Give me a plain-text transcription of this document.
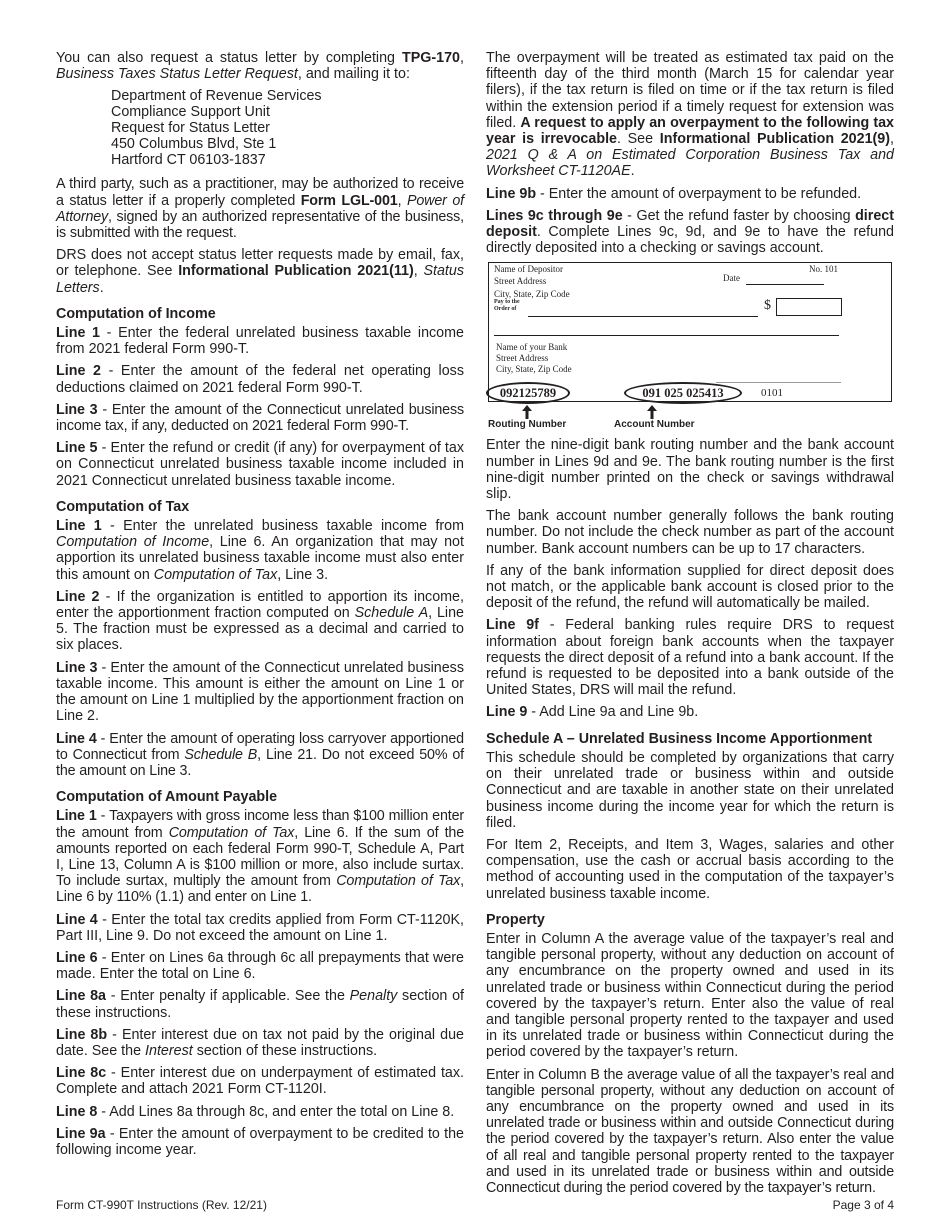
You can also request a status letter by completing TPG-170, Business Taxes Status Letter Request, and mailing it to:

Department of Revenue Services
Compliance Support Unit
Request for Status Letter
450 Columbus Blvd, Ste 1
Hartford CT 06103-1837

A third party, such as a practitioner, may be authorized to receive a status letter if a properly completed Form LGL-001, Power of Attorney, signed by an authorized representative of the business, is submitted with the request.

DRS does not accept status letter requests made by email, fax, or telephone. See Informational Publication 2021(11), Status Letters.

Computation of Income

Line 1 - Enter the federal unrelated business taxable income from 2021 federal Form 990-T.

Line 2 - Enter the amount of the federal net operating loss deductions claimed on 2021 federal Form 990-T.

Line 3 - Enter the amount of the Connecticut unrelated business income tax, if any, deducted on 2021 federal Form 990-T.

Line 5 - Enter the refund or credit (if any) for overpayment of tax on Connecticut unrelated business taxable income included in 2021 Connecticut unrelated business taxable income.

Computation of Tax

Line 1 - Enter the unrelated business taxable income from Computation of Income, Line 6. An organization that may not apportion its unrelated business taxable income must also enter this amount on Computation of Tax, Line 3.

Line 2 - If the organization is entitled to apportion its income, enter the apportionment fraction computed on Schedule A, Line 5. The fraction must be expressed as a decimal and carried to six places.

Line 3 - Enter the amount of the Connecticut unrelated business taxable income. This amount is either the amount on Line 1 or the amount on Line 1 multiplied by the apportionment fraction on Line 2.

Line 4 - Enter the amount of operating loss carryover apportioned to Connecticut from Schedule B, Line 21. Do not exceed 50% of the amount on Line 3.

Computation of Amount Payable

Line 1 - Taxpayers with gross income less than $100 million enter the amount from Computation of Tax, Line 6. If the sum of the amounts reported on each federal Form 990-T, Schedule A, Part I, Line 13, Column A is $100 million or more, also include surtax. To include surtax, multiply the amount from Computation of Tax, Line 6 by 110% (1.1) and enter on Line 1.

Line 4 - Enter the total tax credits applied from Form CT-1120K, Part III, Line 9. Do not exceed the amount on Line 1.

Line 6 - Enter on Lines 6a through 6c all prepayments that were made. Enter the total on Line 6.

Line 8a - Enter penalty if applicable. See the Penalty section of these instructions.

Line 8b - Enter interest due on tax not paid by the original due date. See the Interest section of these instructions.

Line 8c - Enter interest due on underpayment of estimated tax. Complete and attach 2021 Form CT-1120I.

Line 8 - Add Lines 8a through 8c, and enter the total on Line 8.

Line 9a - Enter the amount of overpayment to be credited to the following income year.

The overpayment will be treated as estimated tax paid on the fifteenth day of the third month (March 15 for calendar year filers), if the tax return is filed on time or if the tax return is filed within the extension period if a timely request for extension was filed. A request to apply an overpayment to the following tax year is irrevocable. See Informational Publication 2021(9), 2021 Q & A on Estimated Corporation Business Tax and Worksheet CT-1120AE.

Line 9b - Enter the amount of overpayment to be refunded.

Lines 9c through 9e - Get the refund faster by choosing direct deposit. Complete Lines 9c, 9d, and 9e to have the refund directly deposited into a checking or savings account.

Name of Depositor
Street Address
City, State, Zip Code
No. 101
Date
Pay to the
Order of	$
Name of your Bank
Street Address
City, State, Zip Code
092125789	091 025 025413	0101
Routing Number	Account Number

Enter the nine-digit bank routing number and the bank account number in Lines 9d and 9e. The bank routing number is the first nine-digit number printed on the check or savings withdrawal slip.

The bank account number generally follows the bank routing number. Do not include the check number as part of the account number. Bank account numbers can be up to 17 characters.

If any of the bank information supplied for direct deposit does not match, or the applicable bank account is closed prior to the deposit of the refund, the refund will automatically be mailed.

Line 9f - Federal banking rules require DRS to request information about foreign bank accounts when the taxpayer requests the direct deposit of a refund into a bank account. If the refund is requested to be deposited into a bank outside of the United States, DRS will mail the refund.

Line 9 - Add Line 9a and Line 9b.

Schedule A – Unrelated Business Income Apportionment

This schedule should be completed by organizations that carry on their unrelated trade or business within and outside Connecticut and are taxable in another state on their unrelated business income during the income year for which the return is filed.

For Item 2, Receipts, and Item 3, Wages, salaries and other compensation, use the cash or accrual basis according to the method of accounting used in the computation of the taxpayer’s unrelated business taxable income.

Property

Enter in Column A the average value of the taxpayer’s real and tangible personal property, without any deduction on account of any encumbrance on the property owned and used in its unrelated trade or business within Connecticut during the period covered by the taxpayer’s return. Enter also the value of real and tangible personal property rented to the taxpayer and used in its unrelated trade or business within Connecticut during the period covered by the taxpayer’s return.

Enter in Column B the average value of all the taxpayer’s real and tangible personal property, without any deduction on account of any encumbrance on the property owned and used in its unrelated trade or business within and outside Connecticut during the period covered by the taxpayer’s return. Also enter the value of all real and tangible personal property rented to the taxpayer and used in its unrelated trade or business within and outside Connecticut during the period covered by the taxpayer’s return.

Form CT-990T Instructions (Rev. 12/21)	Page 3 of 4
